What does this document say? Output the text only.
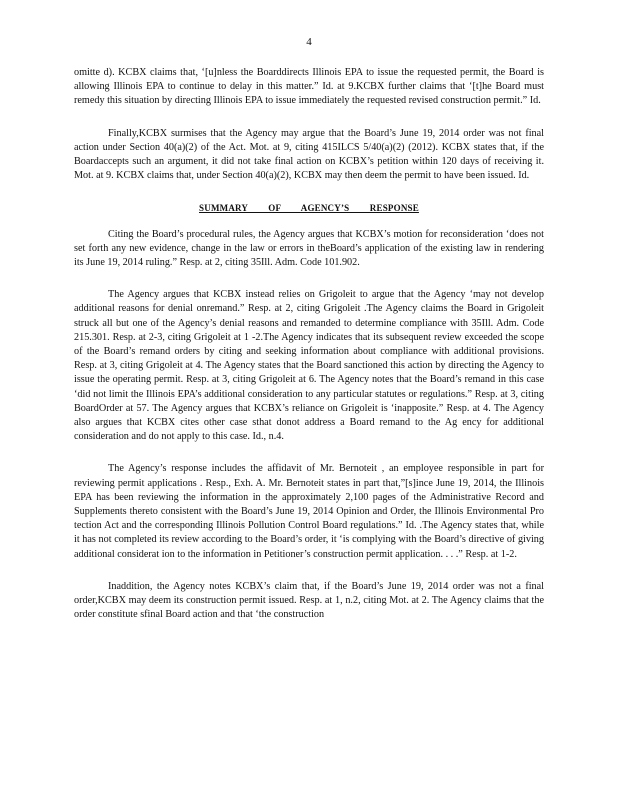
4

omitte d). KCBX claims that, ‘[u]nless the Boarddirects Illinois EPA to issue the requested permit, the Board is allowing Illinois EPA to continue to delay in this matter.” Id. at 9.KCBX further claims that ‘[t]he Board must remedy this situation by directing Illinois EPA to issue immediately the requested revised construction permit.” Id.

Finally,KCBX surmises that the Agency may argue that the Board’s June 19, 2014 order was not final action under Section 40(a)(2) of the Act. Mot. at 9, citing 415ILCS 5/40(a)(2) (2012). KCBX states that, if the Boardaccepts such an argument, it did not take final action on KCBX’s petition within 120 days of receiving it. Mot. at 9. KCBX claims that, under Section 40(a)(2), KCBX may then deem the permit to have been issued. Id.

SUMMARY OF AGENCY’S RESPONSE

Citing the Board’s procedural rules, the Agency argues that KCBX’s motion for reconsideration ‘does not set forth any new evidence, change in the law or errors in theBoard’s application of the existing law in rendering its June 19, 2014 ruling.” Resp. at 2, citing 35Ill. Adm. Code 101.902.

The Agency argues that KCBX instead relies on Grigoleit to argue that the Agency ‘may not develop additional reasons for denial onremand.” Resp. at 2, citing Grigoleit .The Agency claims the Board in Grigoleit struck all but one of the Agency’s denial reasons and remanded to determine compliance with 35Ill. Adm. Code 215.301. Resp. at 2-3, citing Grigoleit at 1 -2.The Agency indicates that its subsequent review exceeded the scope of the Board’s remand orders by citing and seeking information about compliance with additional provisions. Resp. at 3, citing Grigoleit at 4. The Agency states that the Board sanctioned this action by directing the Agency to issue the operating permit. Resp. at 3, citing Grigoleit at 6. The Agency notes that the Board’s remand in this case ‘did not limit the Illinois EPA’s additional consideration to any particular statutes or regulations.” Resp. at 3, citing BoardOrder at 57. The Agency argues that KCBX’s reliance on Grigoleit is ‘inapposite.” Resp. at 4. The Agency also argues that KCBX cites other case sthat donot address a Board remand to the Ag ency for additional consideration and do not apply to this case. Id., n.4.

The Agency’s response includes the affidavit of Mr. Bernoteit , an employee responsible in part for reviewing permit applications . Resp., Exh. A. Mr. Bernoteit states in part that,”[s]ince June 19, 2014, the Illinois EPA has been reviewing the information in the approximately 2,100 pages of the Administrative Record and Supplements thereto consistent with the Board’s June 19, 2014 Opinion and Order, the Illinois Environmental Pro tection Act and the corresponding Illinois Pollution Control Board regulations.” Id. .The Agency states that, while it has not completed its review according to the Board’s order, it ‘is complying with the Board’s directive of giving additional considerat ion to the information in Petitioner’s construction permit application. . . .” Resp. at 1-2.

Inaddition, the Agency notes KCBX’s claim that, if the Board’s June 19, 2014 order was not a final order,KCBX may deem its construction permit issued. Resp. at 1, n.2, citing Mot. at 2. The Agency claims that the order constitute sfinal Board action and that ‘the construction
